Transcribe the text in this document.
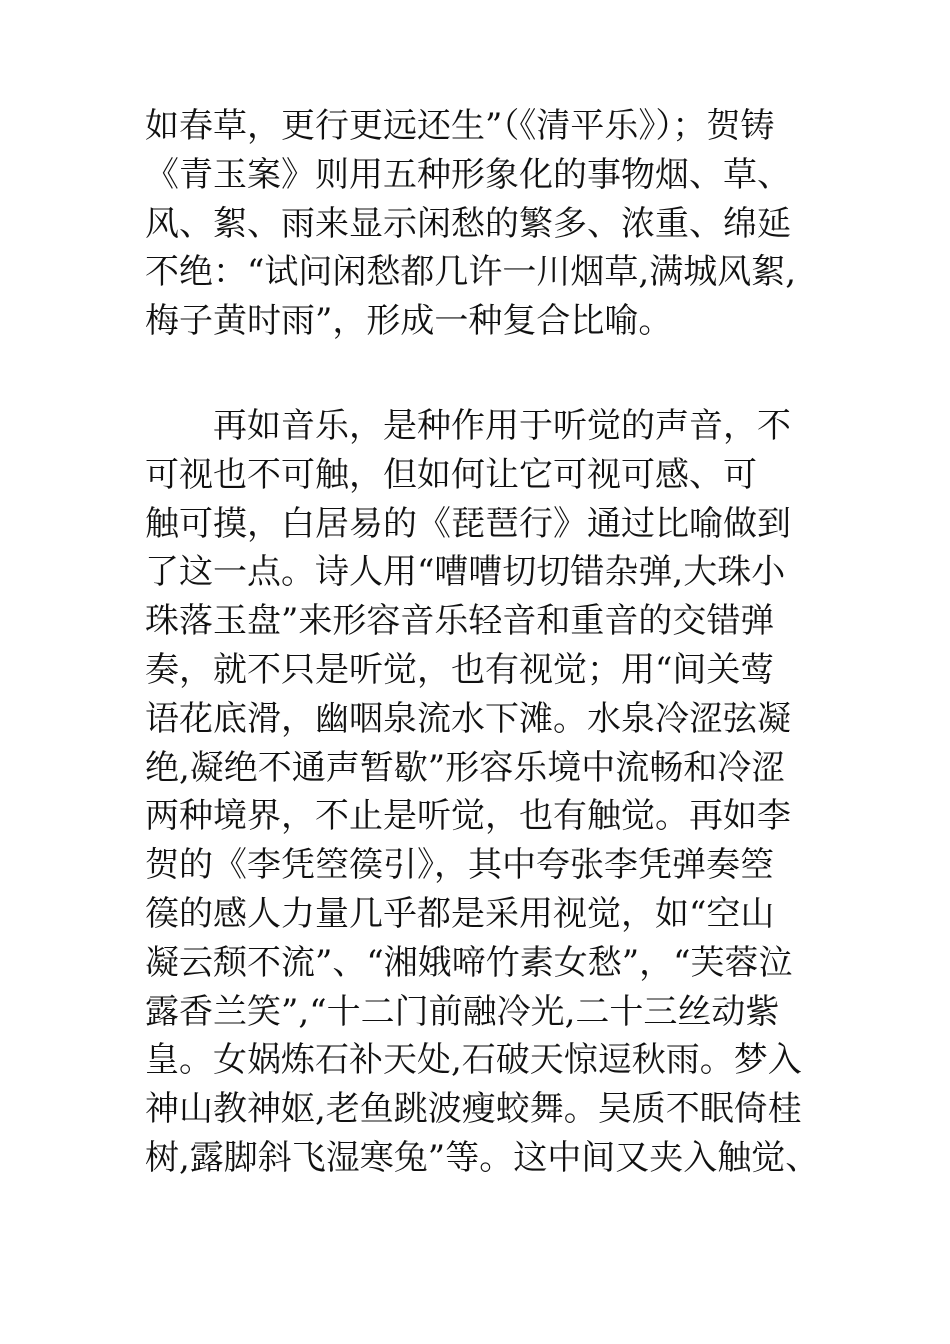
如春草，更行更远还生”（《清平乐》）；贺铸
《青玉案》则用五种形象化的事物烟、草、
风、絮、雨来显示闲愁的繁多、浓重、绵延
不绝：“试问闲愁都几许一川烟草,满城风絮,
梅子黄时雨”，形成一种复合比喻。
　　再如音乐，是种作用于听觉的声音，不
可视也不可触，但如何让它可视可感、可
触可摸，白居易的《琵琶行》通过比喻做到
了这一点。诗人用“嘈嘈切切错杂弹,大珠小
珠落玉盘”来形容音乐轻音和重音的交错弹
奏，就不只是听觉，也有视觉；用“间关莺
语花底滑，幽咽泉流水下滩。水泉冷涩弦凝
绝,凝绝不通声暂歇”形容乐境中流畅和冷涩
两种境界，不止是听觉，也有触觉。再如李
贺的《李凭箜篌引》，其中夸张李凭弹奏箜
篌的感人力量几乎都是采用视觉，如“空山
凝云颓不流”、“湘娥啼竹素女愁”，“芙蓉泣
露香兰笑”,“十二门前融冷光,二十三丝动紫
皇。女娲炼石补天处,石破天惊逗秋雨。梦入
神山教神妪,老鱼跳波瘦蛟舞。吴质不眠倚桂
树,露脚斜飞湿寒兔”等。这中间又夹入触觉、
